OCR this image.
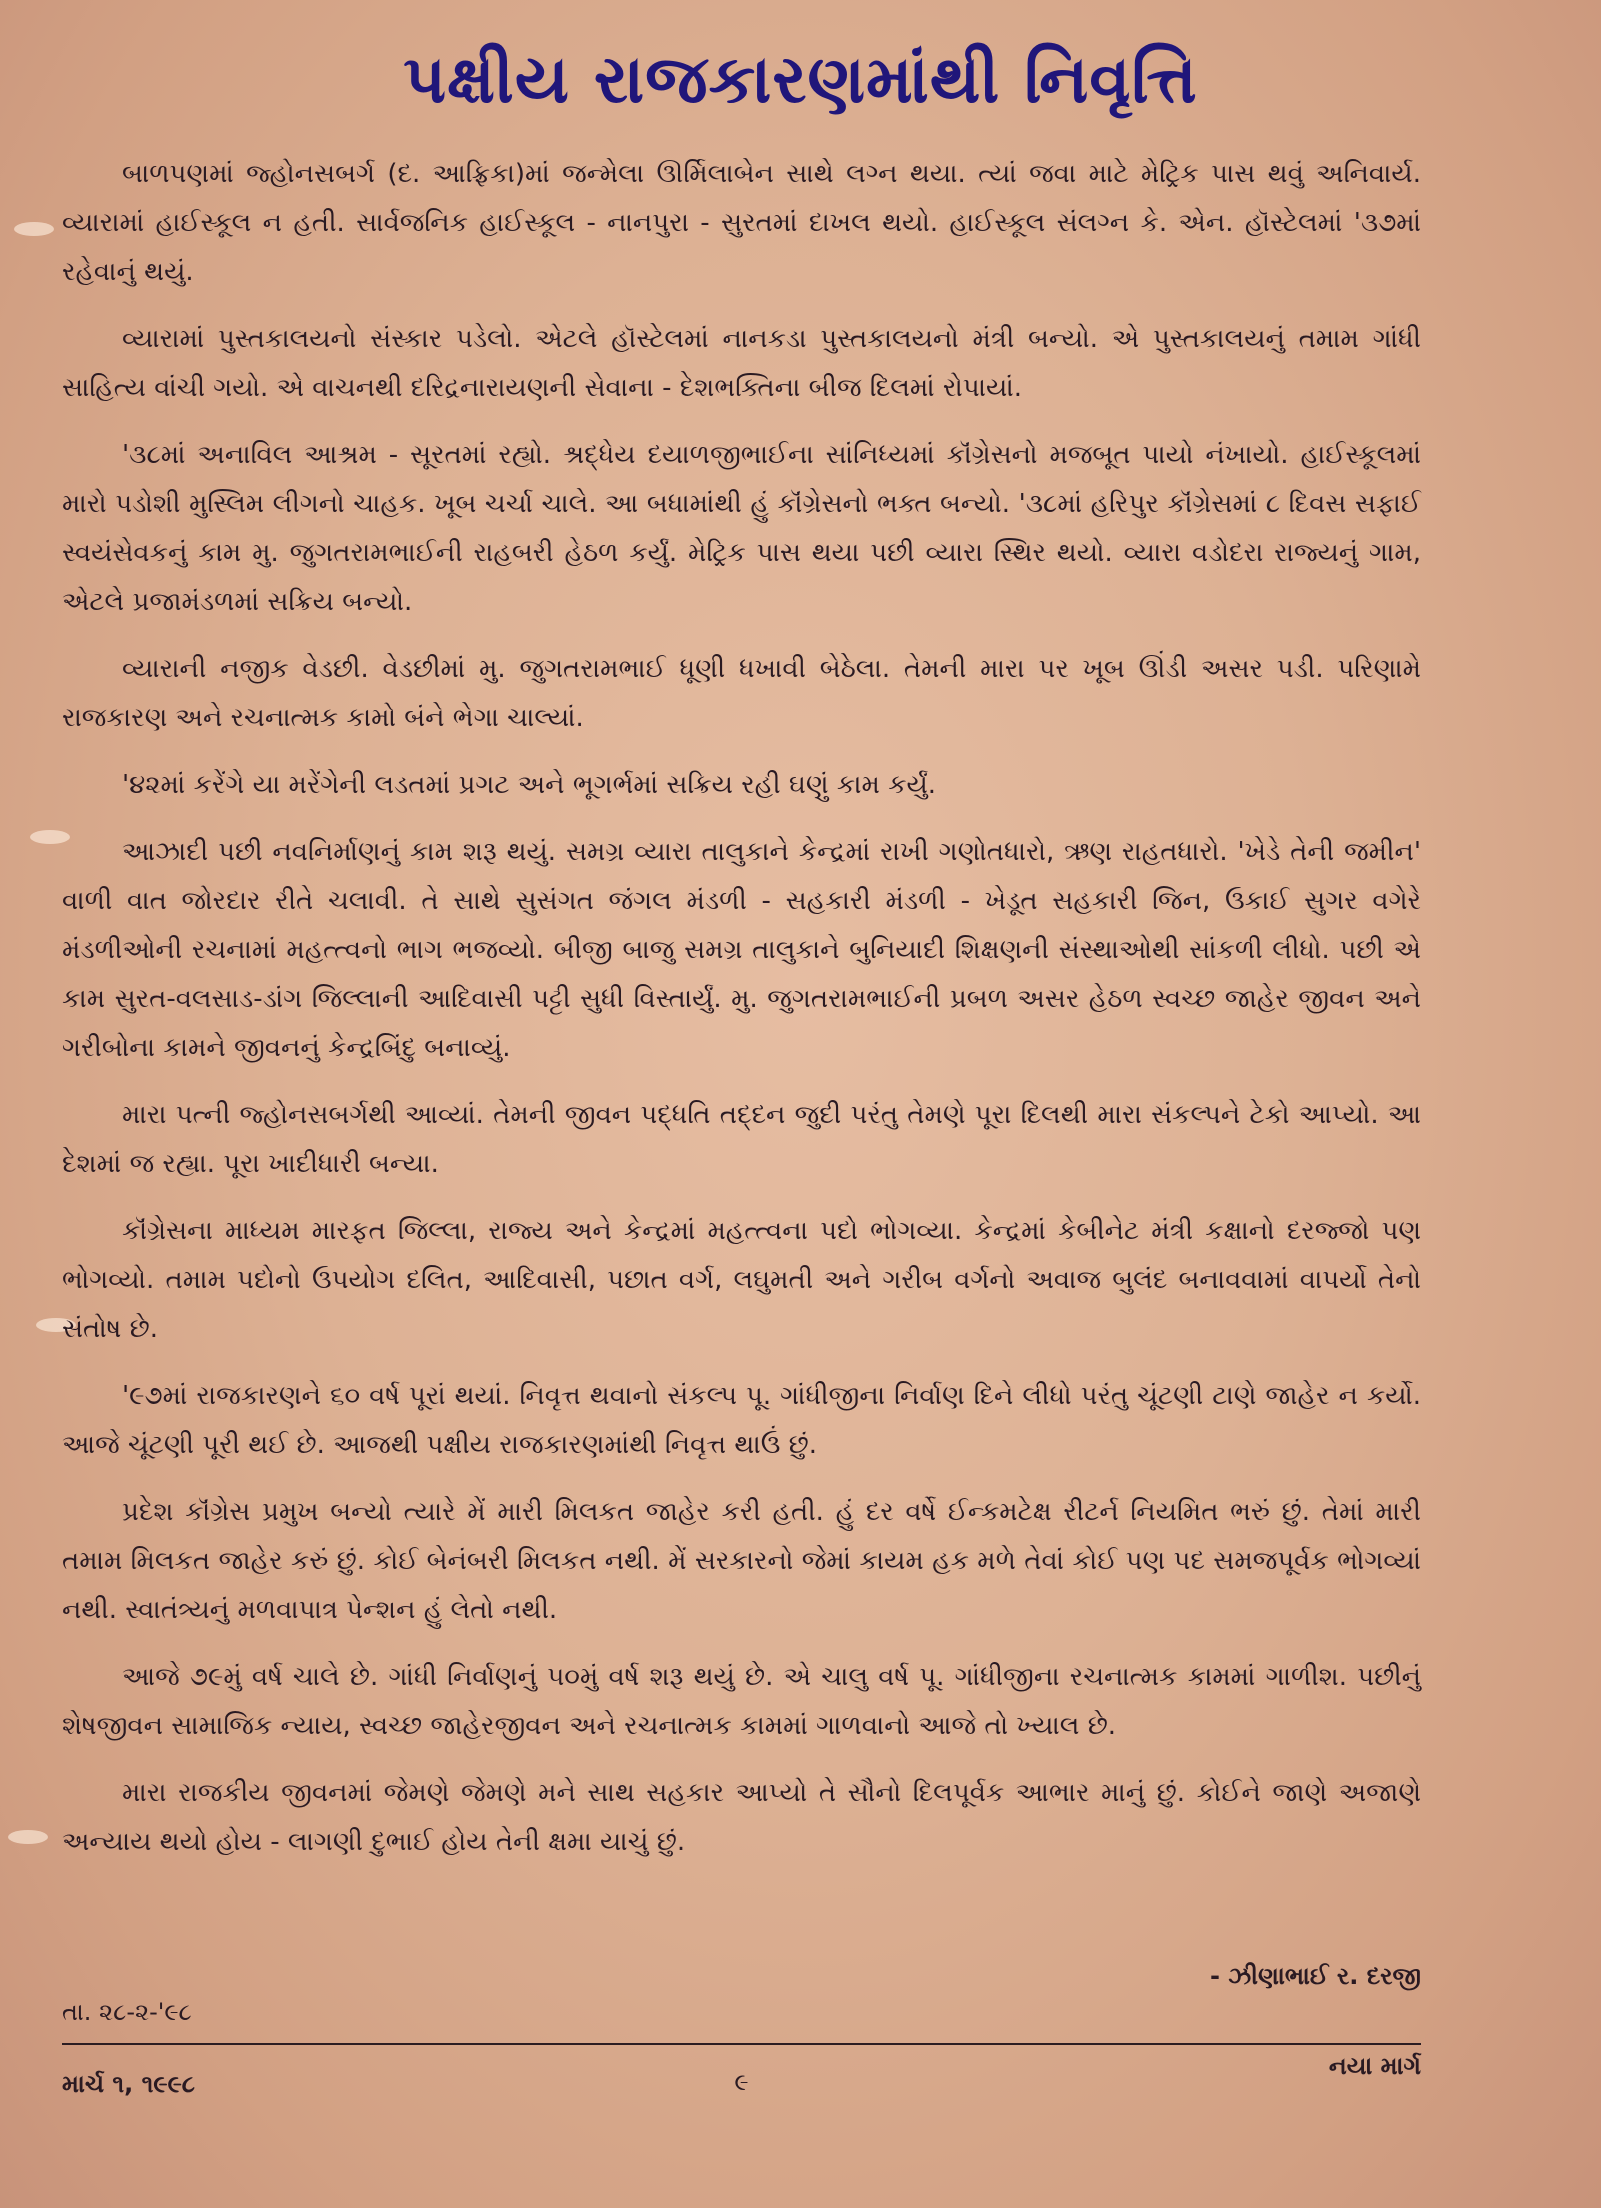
પક્ષીય રાજકારણમાંથી નિવૃત્તિ

બાળપણમાં જ્હોનસબર્ગ (દ. આફ્રિકા)માં જન્મેલા ઊર્મિલાબેન સાથે લગ્ન થયા. ત્યાં જવા માટે મેટ્રિક પાસ થવું અનિવાર્ય. વ્યારામાં હાઈસ્કૂલ ન હતી. સાર્વજનિક હાઈસ્કૂલ - નાનપુરા - સુરતમાં દાખલ થયો. હાઈસ્કૂલ સંલગ્ન કે. એન. હૉસ્ટેલમાં '૩૭માં રહેવાનું થયું.

વ્યારામાં પુસ્તકાલયનો સંસ્કાર પડેલો. એટલે હૉસ્ટેલમાં નાનકડા પુસ્તકાલયનો મંત્રી બન્યો. એ પુસ્તકાલયનું તમામ ગાંધી સાહિત્ય વાંચી ગયો. એ વાચનથી દરિદ્રનારાયણની સેવાના - દેશભક્તિના બીજ દિલમાં રોપાયાં.

'૩૮માં અનાવિલ આશ્રમ - સૂરતમાં રહ્યો. શ્રદ્ધેય દયાળજીભાઈના સાંનિધ્યમાં કૉંગ્રેસનો મજબૂત પાયો નંખાયો. હાઈસ્કૂલમાં મારો પડોશી મુસ્લિમ લીગનો ચાહક. ખૂબ ચર્ચા ચાલે. આ બધામાંથી હું કૉંગ્રેસનો ભક્ત બન્યો. '૩૮માં હરિપુર કૉંગ્રેસમાં ૮ દિવસ સફાઈ સ્વયંસેવકનું કામ મુ. જુગતરામભાઈની રાહબરી હેઠળ કર્યું. મેટ્રિક પાસ થયા પછી વ્યારા સ્થિર થયો. વ્યારા વડોદરા રાજ્યનું ગામ, એટલે પ્રજામંડળમાં સક્રિય બન્યો.

વ્યારાની નજીક વેડછી. વેડછીમાં મુ. જુગતરામભાઈ ધૂણી ધખાવી બેઠેલા. તેમની મારા પર ખૂબ ઊંડી અસર પડી. પરિણામે રાજકારણ અને રચનાત્મક કામો બંને ભેગા ચાલ્યાં.

'૪૨માં કરેંગે યા મરેંગેની લડતમાં પ્રગટ અને ભૂગર્ભમાં સક્રિય રહી ઘણું કામ કર્યું.

આઝાદી પછી નવનિર્માણનું કામ શરૂ થયું. સમગ્ર વ્યારા તાલુકાને કેન્દ્રમાં રાખી ગણોતધારો, ઋણ રાહતધારો. 'ખેડે તેની જમીન' વાળી વાત જોરદાર રીતે ચલાવી. તે સાથે સુસંગત જંગલ મંડળી - સહકારી મંડળી - ખેડૂત સહકારી જિન, ઉકાઈ સુગર વગેરે મંડળીઓની રચનામાં મહત્ત્વનો ભાગ ભજવ્યો. બીજી બાજુ સમગ્ર તાલુકાને બુનિયાદી શિક્ષણની સંસ્થાઓથી સાંકળી લીધો. પછી એ કામ સુરત-વલસાડ-ડાંગ જિલ્લાની આદિવાસી પટ્ટી સુધી વિસ્તાર્યું. મુ. જુગતરામભાઈની પ્રબળ અસર હેઠળ સ્વચ્છ જાહેર જીવન અને ગરીબોના કામને જીવનનું કેન્દ્રબિંદુ બનાવ્યું.

મારા પત્ની જ્હોનસબર્ગથી આવ્યાં. તેમની જીવન પદ્ધતિ તદ્દન જુદી પરંતુ તેમણે પૂરા દિલથી મારા સંકલ્પને ટેકો આપ્યો. આ દેશમાં જ રહ્યા. પૂરા ખાદીધારી બન્યા.

કૉંગ્રેસના માધ્યમ મારફત જિલ્લા, રાજ્ય અને કેન્દ્રમાં મહત્ત્વના પદો ભોગવ્યા. કેન્દ્રમાં કેબીનેટ મંત્રી કક્ષાનો દરજ્જો પણ ભોગવ્યો. તમામ પદોનો ઉપયોગ દલિત, આદિવાસી, પછાત વર્ગ, લઘુમતી અને ગરીબ વર્ગનો અવાજ બુલંદ બનાવવામાં વાપર્યો તેનો સંતોષ છે.

'૯૭માં રાજકારણને ૬૦ વર્ષ પૂરાં થયાં. નિવૃત્ત થવાનો સંકલ્પ પૂ. ગાંધીજીના નિર્વાણ દિને લીધો પરંતુ ચૂંટણી ટાણે જાહેર ન કર્યો. આજે ચૂંટણી પૂરી થઈ છે. આજથી પક્ષીય રાજકારણમાંથી નિવૃત્ત થાઉં છું.

પ્રદેશ કૉંગ્રેસ પ્રમુખ બન્યો ત્યારે મેં મારી મિલકત જાહેર કરી હતી. હું દર વર્ષે ઈન્કમટેક્ષ રીટર્ન નિયમિત ભરું છું. તેમાં મારી તમામ મિલકત જાહેર કરું છું. કોઈ બેનંબરી મિલકત નથી. મેં સરકારનો જેમાં કાયમ હક મળે તેવાં કોઈ પણ પદ સમજપૂર્વક ભોગવ્યાં નથી. સ્વાતંત્ર્યનું મળવાપાત્ર પેન્શન હું લેતો નથી.

આજે ૭૯મું વર્ષ ચાલે છે. ગાંધી નિર્વાણનું ૫૦મું વર્ષ શરૂ થયું છે. એ ચાલુ વર્ષ પૂ. ગાંધીજીના રચનાત્મક કામમાં ગાળીશ. પછીનું શેષજીવન સામાજિક ન્યાય, સ્વચ્છ જાહેરજીવન અને રચનાત્મક કામમાં ગાળવાનો આજે તો ખ્યાલ છે.

મારા રાજકીય જીવનમાં જેમણે જેમણે મને સાથ સહકાર આપ્યો તે સૌનો દિલપૂર્વક આભાર માનું છું. કોઈને જાણે અજાણે અન્યાય થયો હોય - લાગણી દુભાઈ હોય તેની ક્ષમા યાચું છું.

- ઝીણાભાઈ ર. દરજી
તા. ૨૮-૨-'૯૮
માર્ચ ૧, ૧૯૯૮	૯
નયા માર્ગ
